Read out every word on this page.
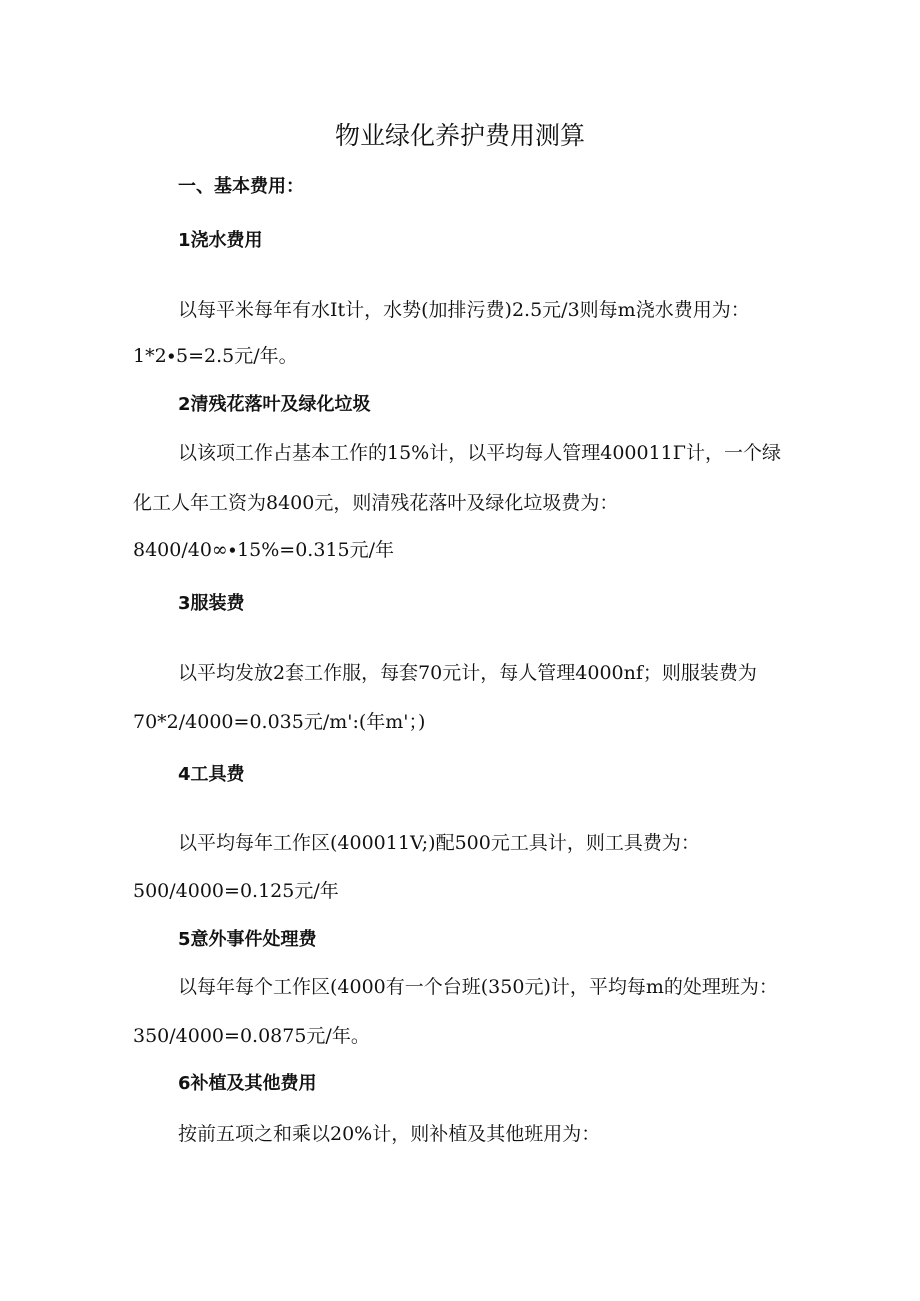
物业绿化养护费用测算
一、基本费用：
1浇水费用
以每平米每年有水It计，水势(加排污费)2.5元/3则每m浇水费用为：
1*2∙5=2.5元/年。
2清残花落叶及绿化垃圾
以该项工作占基本工作的15%计，以平均每人管理400011Γ计，一个绿
化工人年工资为8400元，则清残花落叶及绿化垃圾费为：
8400/40∞∙15%=0.315元/年
3服装费
以平均发放2套工作服，每套70元计，每人管理4000nf；则服装费为
70*2/4000=0.035元/m':(年m'；)
4工具费
以平均每年工作区(400011V;)配500元工具计，则工具费为：
500/4000=0.125元/年
5意外事件处理费
以每年每个工作区(4000有一个台班(350元)计，平均每m的处理班为：
350/4000=0.0875元/年。
6补植及其他费用
按前五项之和乘以20%计，则补植及其他班用为：
